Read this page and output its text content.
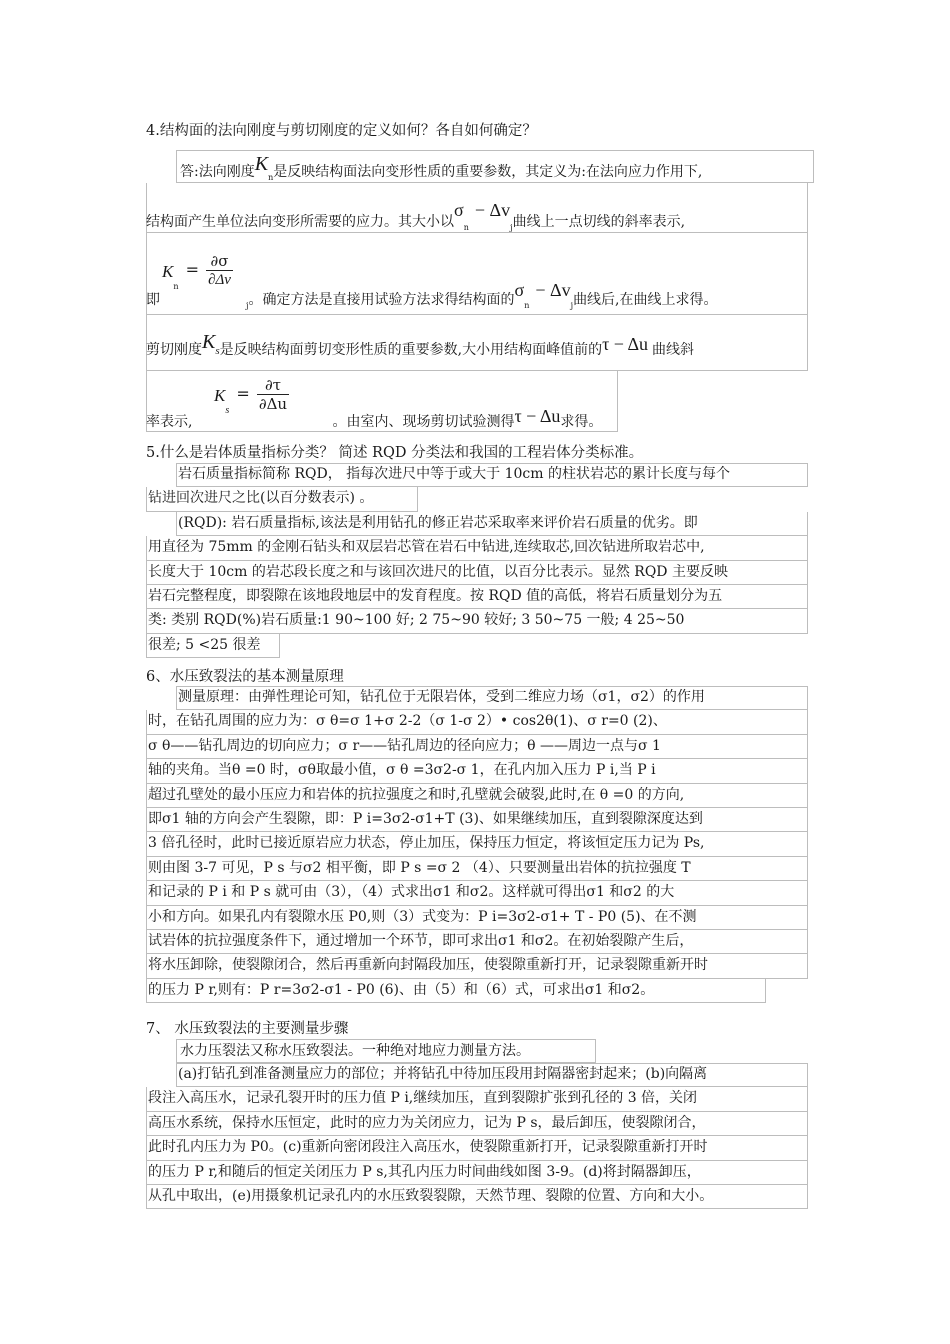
4.结构面的法向刚度与剪切刚度的定义如何？各自如何确定？
答:法向刚度$K_n$是反映结构面法向变形性质的重要参数，其定义为:在法向应力作用下,
结构面产生单位法向变形所需要的应力。其大小以$\sigma_n- \Delta v_j$曲线上一点切线的斜率表示,
$K_n = \frac{\partial\sigma}{\partial\Delta v}$
即	$_j$。确定方法是直接用试验方法求得结构面的$\sigma_n- \Delta v_j$曲线后,在曲线上求得。
剪切刚度Ks是反映结构面剪切变形性质的重要参数,大小用结构面峰值前的τ − Δu 曲线斜
$K_s = \frac{\partial\tau}{\partial\Delta u}$
率表示,	。由室内、现场剪切试验测得τ − Δu求得。
5.什么是岩体质量指标分类？ 简述 RQD 分类法和我国的工程岩体分类标准。
岩石质量指标简称 RQD， 指每次进尺中等于或大于 10cm 的柱状岩芯的累计长度与每个
钻进回次进尺之比(以百分数表示) 。
(RQD): 岩石质量指标,该法是利用钻孔的修正岩芯采取率来评价岩石质量的优劣。即
用直径为 75mm 的金刚石钻头和双层岩芯管在岩石中钻进,连续取芯,回次钻进所取岩芯中,
长度大于 10cm 的岩芯段长度之和与该回次进尺的比值，以百分比表示。显然 RQD 主要反映
岩石完整程度，即裂隙在该地段地层中的发育程度。按 RQD 值的高低，将岩石质量划分为五
类: 类别 RQD(%)岩石质量:1 90~100 好; 2 75~90 较好; 3 50~75 一般; 4 25~50
很差; 5 <25 很差
6、水压致裂法的基本测量原理
测量原理：由弹性理论可知，钻孔位于无限岩体，受到二维应力场（σ1，σ2）的作用
时，在钻孔周围的应力为：σ θ=σ 1+σ 2-2（σ 1-σ 2）• cos2θ(1)、σ r=0 (2)、
σ θ——钻孔周边的切向应力；σ r——钻孔周边的径向应力；θ ——周边一点与σ 1
轴的夹角。当θ =0 时，σθ取最小值，σ θ =3σ2-σ 1，在孔内加入压力 P i,当 P i
超过孔壁处的最小压应力和岩体的抗拉强度之和时,孔壁就会破裂,此时,在 θ =0 的方向,
即σ1 轴的方向会产生裂隙，即：P i=3σ2-σ1+T (3)、如果继续加压，直到裂隙深度达到
3 倍孔径时，此时已接近原岩应力状态，停止加压，保持压力恒定，将该恒定压力记为 Ps,
则由图 3-7 可见，P s 与σ2 相平衡，即 P s =σ 2 （4）、只要测量出岩体的抗拉强度 T
和记录的 P i 和 P s 就可由（3），（4）式求出σ1 和σ2。这样就可得出σ1 和σ2 的大
小和方向。如果孔内有裂隙水压 P0,则（3）式变为：P i=3σ2-σ1+ T - P0 (5)、在不测
试岩体的抗拉强度条件下，通过增加一个环节，即可求出σ1 和σ2。在初始裂隙产生后，
将水压卸除，使裂隙闭合，然后再重新向封隔段加压，使裂隙重新打开，记录裂隙重新开时
的压力 P r,则有：P r=3σ2-σ1 - P0 (6)、由（5）和（6）式，可求出σ1 和σ2。
7、 水压致裂法的主要测量步骤
水力压裂法又称水压致裂法。一种绝对地应力测量方法。
(a)打钻孔到准备测量应力的部位；并将钻孔中待加压段用封隔器密封起来；(b)向隔离
段注入高压水，记录孔裂开时的压力值 P i,继续加压，直到裂隙扩张到孔径的 3 倍，关闭
高压水系统，保持水压恒定，此时的应力为关闭应力，记为 P s，最后卸压，使裂隙闭合，
此时孔内压力为 P0。(c)重新向密闭段注入高压水，使裂隙重新打开，记录裂隙重新打开时
的压力 P r,和随后的恒定关闭压力 P s,其孔内压力时间曲线如图 3-9。(d)将封隔器卸压，
从孔中取出，(e)用摄象机记录孔内的水压致裂裂隙，天然节理、裂隙的位置、方向和大小。
